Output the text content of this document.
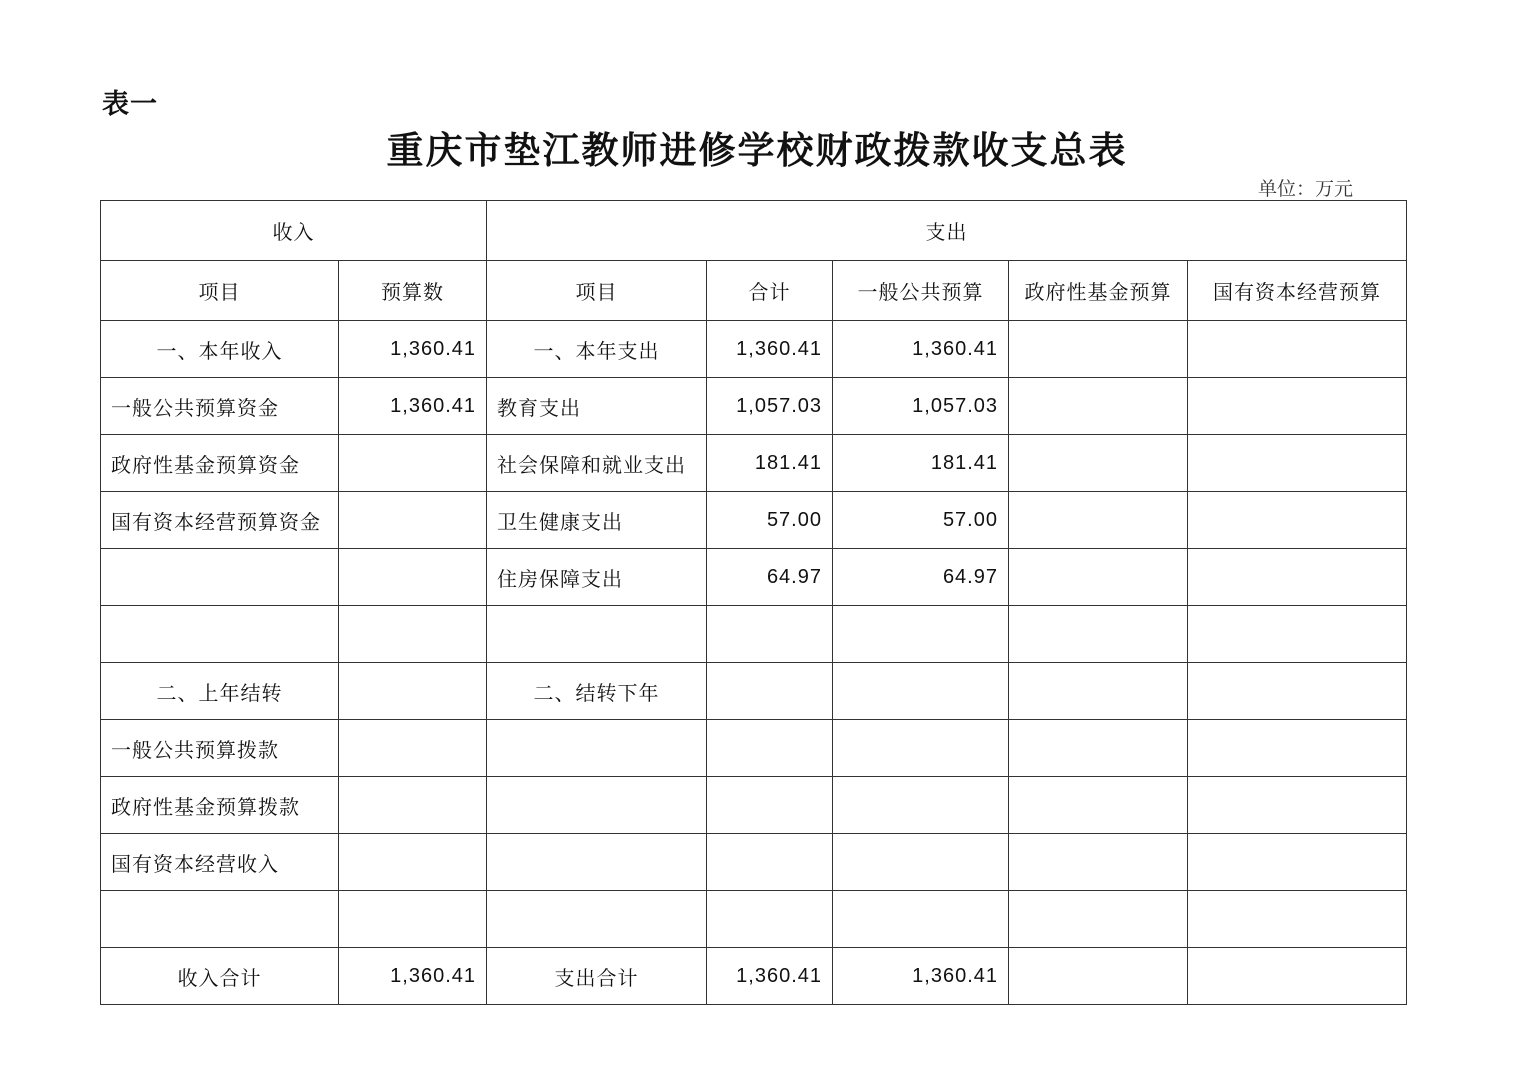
表一
重庆市垫江教师进修学校财政拨款收支总表
单位：万元
收入		支出				
项目	预算数	项目	合计	一般公共预算	政府性基金预算	国有资本经营预算
一、本年收入	1,360.41	一、本年支出	1,360.41	1,360.41		
一般公共预算资金	1,360.41	教育支出	1,057.03	1,057.03		
政府性基金预算资金		社会保障和就业支出	181.41	181.41		
国有资本经营预算资金		卫生健康支出	57.00	57.00		
		住房保障支出	64.97	64.97		

二、上年结转		二、结转下年				
一般公共预算拨款						
政府性基金预算拨款						
国有资本经营收入						

收入合计	1,360.41	支出合计	1,360.41	1,360.41		
